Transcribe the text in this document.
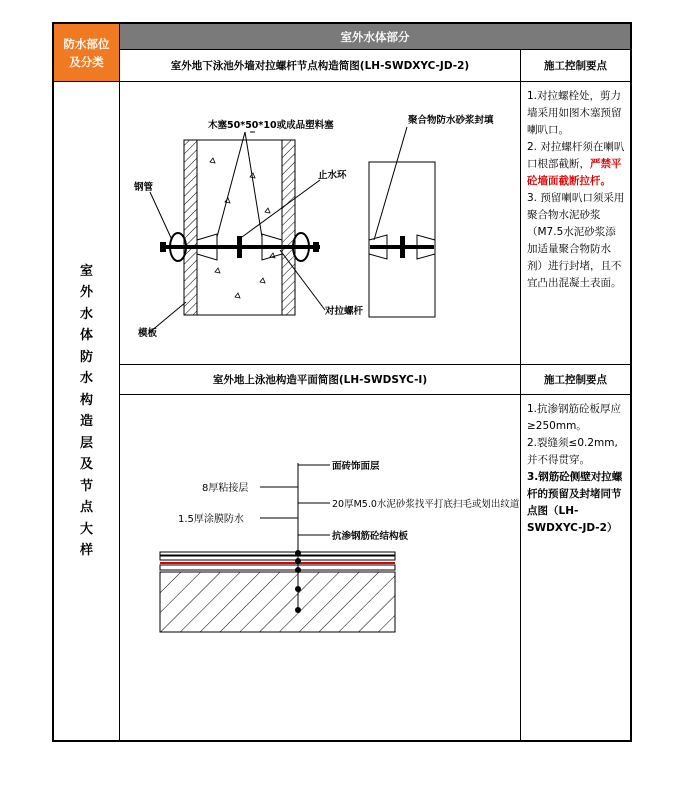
防水部位及分类
室外水体部分
室外地下泳池外墙对拉螺杆节点构造简图(LH-SWDXYC-JD-2)	施工控制要点
室
外
水
体
防
水
构
造
层
及
节
点
大
样
木塞50*50*10或成品塑料塞	聚合物防水砂浆封填
钢管
止水环
对拉螺杆
模板

1.对拉螺栓处，剪力墙采用如图木塞预留喇叭口。

2. 对拉螺杆须在喇叭口根部截断，严禁平砼墙面截断拉杆。

3. 预留喇叭口须采用聚合物水泥砂浆（M7.5水泥砂浆添加适量聚合物防水剂）进行封堵，且不宜凸出混凝土表面。

室外地上泳池构造平面简图(LH-SWDSYC-Ⅰ)	施工控制要点
面砖饰面层
8厚粘接层
20厚M5.0水泥砂浆找平打底扫毛或划出纹道
1.5厚涂膜防水
抗渗钢筋砼结构板

1.抗渗钢筋砼板厚应≥250mm。

2.裂缝须≤0.2mm,并不得贯穿。

3.钢筋砼侧壁对拉螺杆的预留及封堵同节点图（LH-SWDXYC-JD-2）
